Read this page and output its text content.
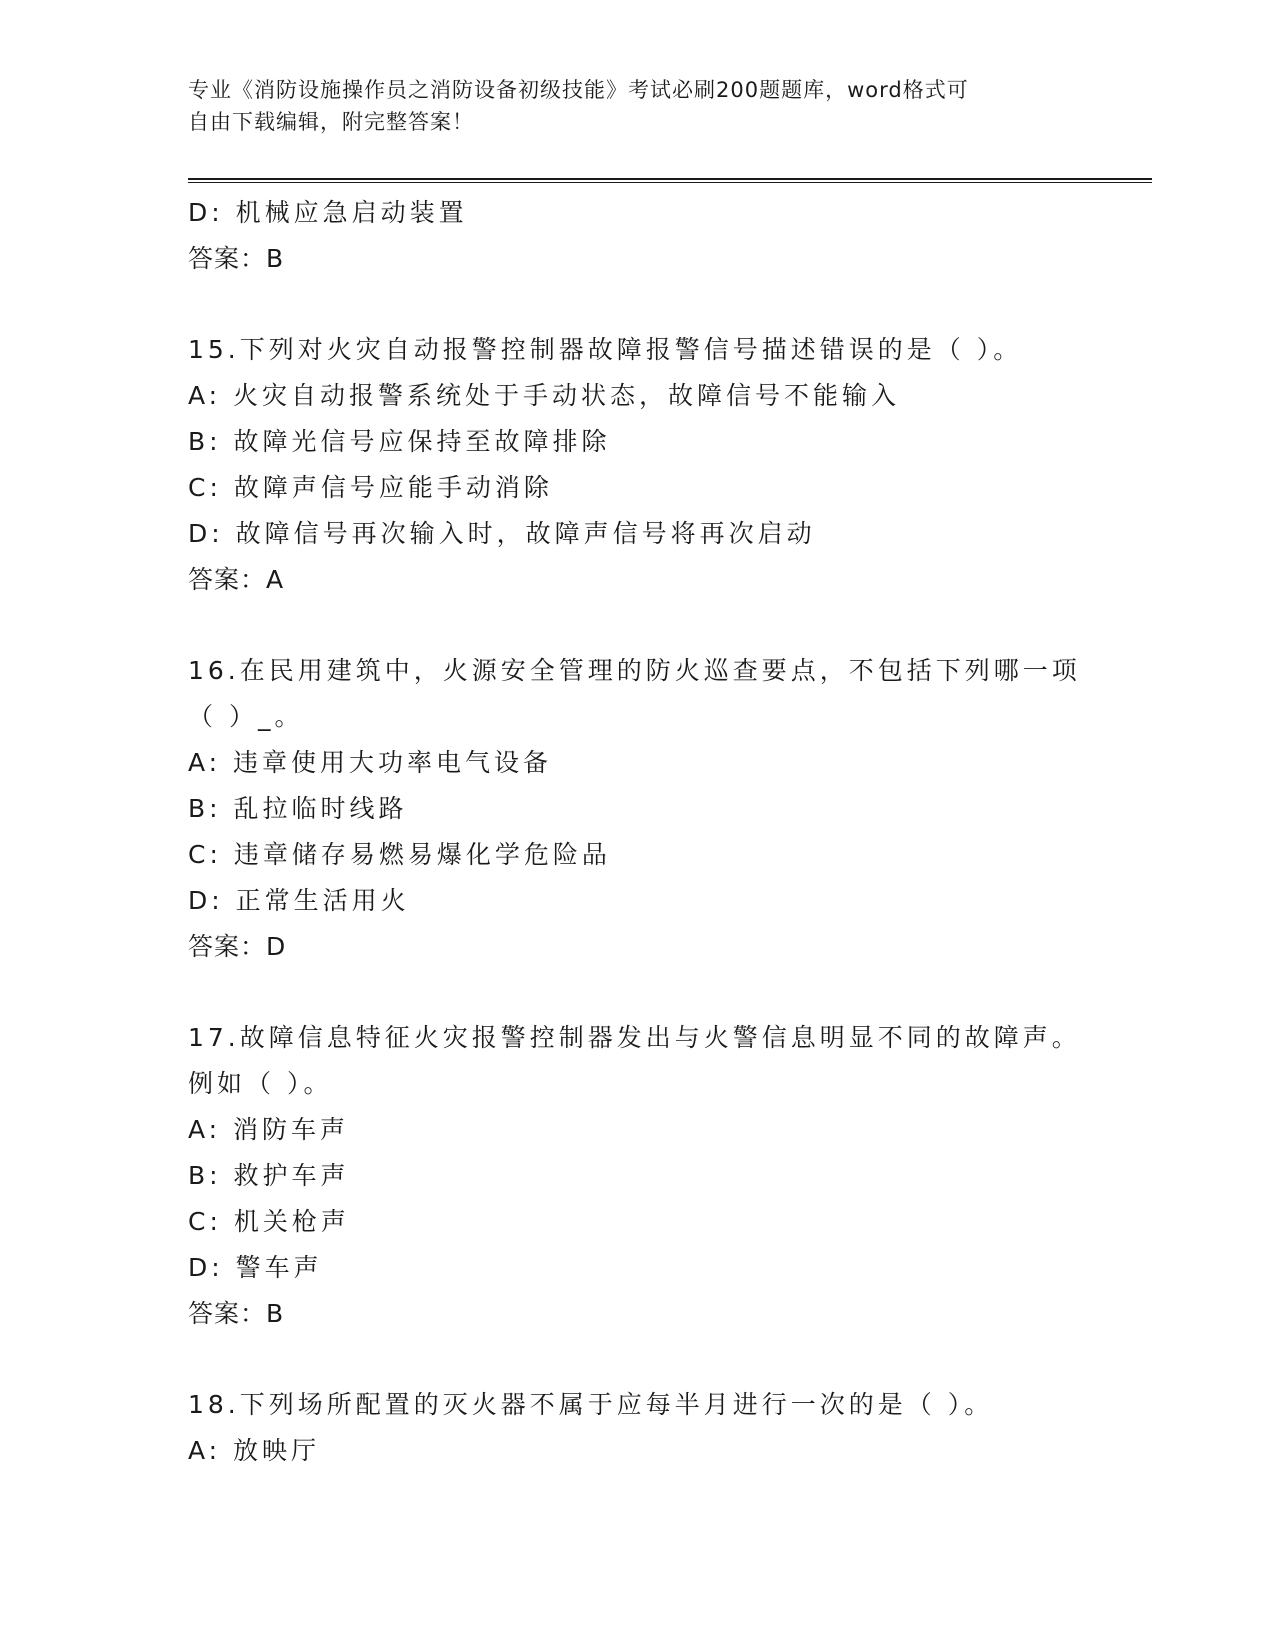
专业《消防设施操作员之消防设备初级技能》考试必刷200题题库，word格式可
自由下载编辑，附完整答案！
D: 机械应急启动装置
答案：B
15.下列对火灾自动报警控制器故障报警信号描述错误的是（ ）。
A: 火灾自动报警系统处于手动状态，故障信号不能输入
B: 故障光信号应保持至故障排除
C: 故障声信号应能手动消除
D: 故障信号再次输入时，故障声信号将再次启动
答案：A
16.在民用建筑中，火源安全管理的防火巡查要点，不包括下列哪一项
（ ）_。
A: 违章使用大功率电气设备
B: 乱拉临时线路
C: 违章储存易燃易爆化学危险品
D: 正常生活用火
答案：D
17.故障信息特征火灾报警控制器发出与火警信息明显不同的故障声。
例如（ ）。
A: 消防车声
B: 救护车声
C: 机关枪声
D: 警车声
答案：B
18.下列场所配置的灭火器不属于应每半月进行一次的是（ ）。
A: 放映厅
